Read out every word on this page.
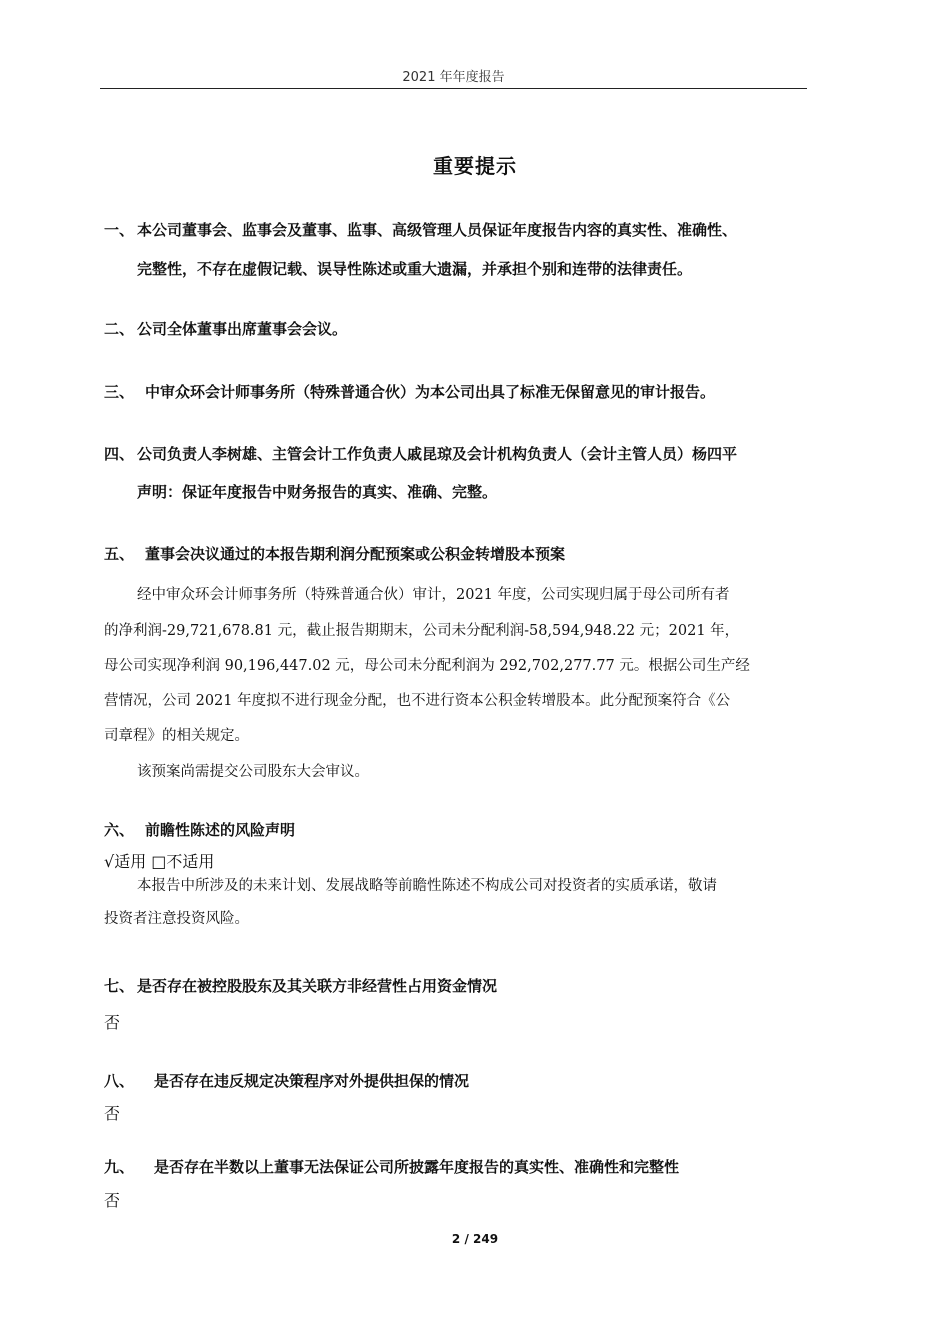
2021 年年度报告
重要提示
一、 本公司董事会、监事会及董事、监事、高级管理人员保证年度报告内容的真实性、准确性、
完整性，不存在虚假记载、误导性陈述或重大遗漏，并承担个别和连带的法律责任。
二、 公司全体董事出席董事会会议。
三、 中审众环会计师事务所（特殊普通合伙）为本公司出具了标准无保留意见的审计报告。
四、 公司负责人李树雄、主管会计工作负责人戚昆琼及会计机构负责人（会计主管人员）杨四平
声明：保证年度报告中财务报告的真实、准确、完整。
五、 董事会决议通过的本报告期利润分配预案或公积金转增股本预案
经中审众环会计师事务所（特殊普通合伙）审计，2021 年度，公司实现归属于母公司所有者
的净利润-29,721,678.81 元，截止报告期期末，公司未分配利润-58,594,948.22 元；2021 年，
母公司实现净利润 90,196,447.02 元，母公司未分配利润为 292,702,277.77 元。根据公司生产经
营情况，公司 2021 年度拟不进行现金分配，也不进行资本公积金转增股本。此分配预案符合《公
司章程》的相关规定。
该预案尚需提交公司股东大会审议。
六、 前瞻性陈述的风险声明
√适用 □不适用
本报告中所涉及的未来计划、发展战略等前瞻性陈述不构成公司对投资者的实质承诺，敬请
投资者注意投资风险。
七、 是否存在被控股股东及其关联方非经营性占用资金情况
否
八、 是否存在违反规定决策程序对外提供担保的情况
否
九、 是否存在半数以上董事无法保证公司所披露年度报告的真实性、准确性和完整性
否
2 / 249
